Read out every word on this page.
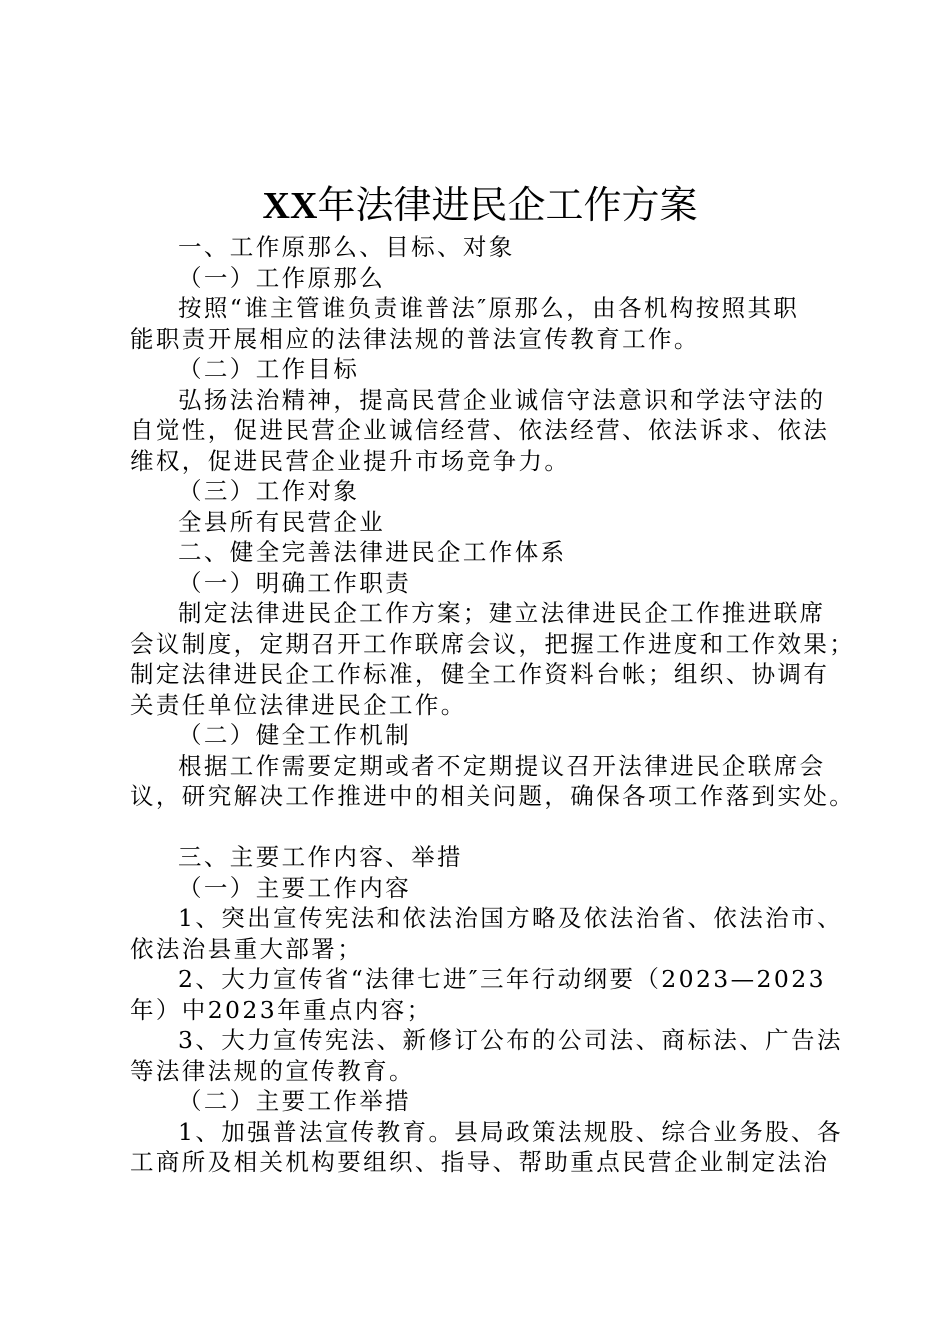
XX年法律进民企工作方案
一、工作原那么、目标、对象
（一）工作原那么
按照“谁主管谁负责谁普法″原那么，由各机构按照其职
能职责开展相应的法律法规的普法宣传教育工作。
（二）工作目标
弘扬法治精神，提高民营企业诚信守法意识和学法守法的
自觉性，促进民营企业诚信经营、依法经营、依法诉求、依法
维权，促进民营企业提升市场竞争力。
（三）工作对象
全县所有民营企业
二、健全完善法律进民企工作体系
（一）明确工作职责
制定法律进民企工作方案；建立法律进民企工作推进联席
会议制度，定期召开工作联席会议，把握工作进度和工作效果；
制定法律进民企工作标准，健全工作资料台帐；组织、协调有
关责任单位法律进民企工作。
（二）健全工作机制
根据工作需要定期或者不定期提议召开法律进民企联席会
议，研究解决工作推进中的相关问题，确保各项工作落到实处。
三、主要工作内容、举措
（一）主要工作内容
1、突出宣传宪法和依法治国方略及依法治省、依法治市、
依法治县重大部署；
2、大力宣传省“法律七进″三年行动纲要（2023—2023
年）中2023年重点内容；
3、大力宣传宪法、新修订公布的公司法、商标法、广告法
等法律法规的宣传教育。
（二）主要工作举措
1、加强普法宣传教育。县局政策法规股、综合业务股、各
工商所及相关机构要组织、指导、帮助重点民营企业制定法治
